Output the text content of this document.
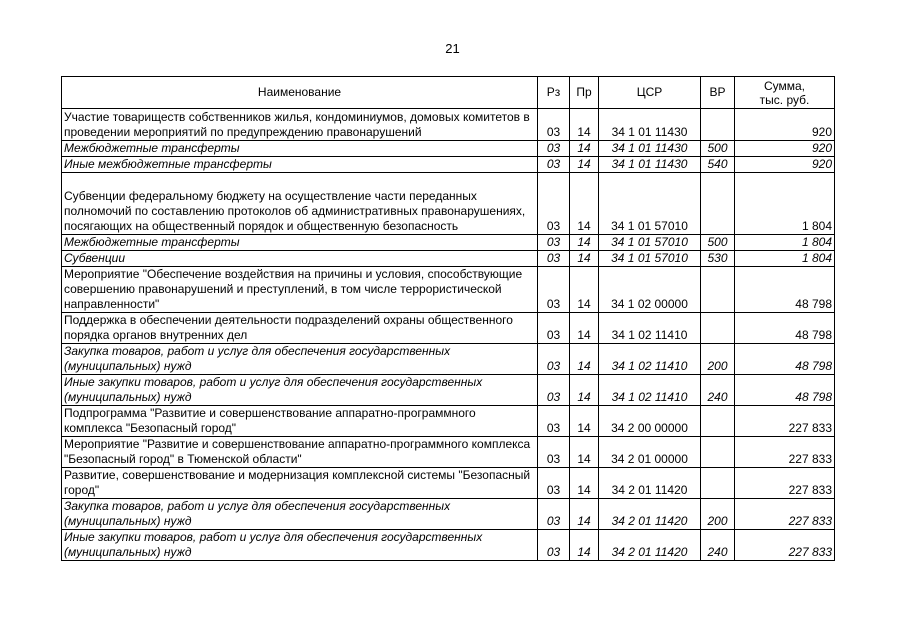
21
Наименование	Рз	Пр	ЦСР	ВР	Сумма,
тыс. руб.
Участие товариществ собственников жилья, кондоминиумов, домовых комитетов в проведении мероприятий по предупреждению правонарушений	03	14	34 1 01 11430		920
Межбюджетные трансферты	03	14	34 1 01 11430	500	920
Иные межбюджетные трансферты	03	14	34 1 01 11430	540	920
Субвенции федеральному бюджету на осуществление части переданных полномочий по составлению протоколов об административных правонарушениях, посягающих на общественный порядок и общественную безопасность	03	14	34 1 01 57010		1 804
Межбюджетные трансферты	03	14	34 1 01 57010	500	1 804
Субвенции	03	14	34 1 01 57010	530	1 804
Мероприятие "Обеспечение воздействия на причины и условия, способствующие совершению правонарушений и преступлений, в том числе террористической направленности"	03	14	34 1 02 00000		48 798
Поддержка в обеспечении деятельности подразделений охраны общественного порядка органов внутренних дел	03	14	34 1 02 11410		48 798
Закупка товаров, работ и услуг для обеспечения государственных (муниципальных) нужд	03	14	34 1 02 11410	200	48 798
Иные закупки товаров, работ и услуг для обеспечения государственных (муниципальных) нужд	03	14	34 1 02 11410	240	48 798
Подпрограмма "Развитие и совершенствование аппаратно-программного комплекса "Безопасный город"	03	14	34 2 00 00000		227 833
Мероприятие "Развитие и совершенствование аппаратно-программного комплекса "Безопасный город" в Тюменской области"	03	14	34 2 01 00000		227 833
Развитие, совершенствование и модернизация комплексной системы "Безопасный город"	03	14	34 2 01 11420		227 833
Закупка товаров, работ и услуг для обеспечения государственных (муниципальных) нужд	03	14	34 2 01 11420	200	227 833
Иные закупки товаров, работ и услуг для обеспечения государственных (муниципальных) нужд	03	14	34 2 01 11420	240	227 833
